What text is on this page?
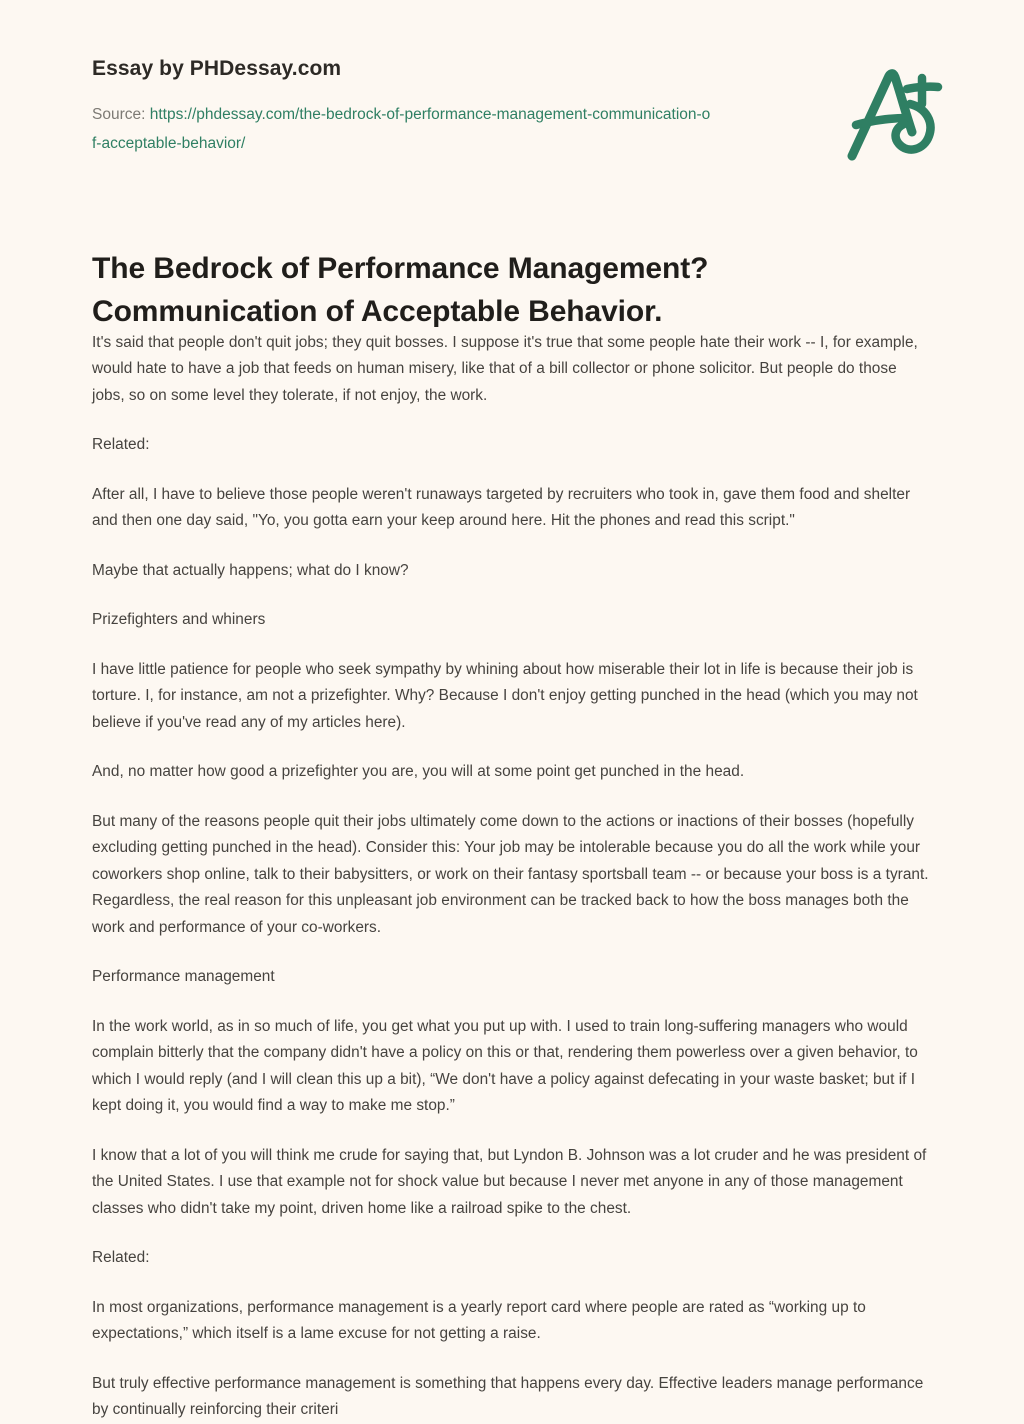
Essay by PHDessay.com
Source: https://phdessay.com/the-bedrock-of-performance-management-communication-of-acceptable-behavior/
The Bedrock of Performance Management? Communication of Acceptable Behavior.

It's said that people don't quit jobs; they quit bosses. I suppose it's true that some people hate their work -- I, for example, would hate to have a job that feeds on human misery, like that of a bill collector or phone solicitor. But people do those jobs, so on some level they tolerate, if not enjoy, the work.

Related:

After all, I have to believe those people weren't runaways targeted by recruiters who took in, gave them food and shelter and then one day said, "Yo, you gotta earn your keep around here. Hit the phones and read this script."

Maybe that actually happens; what do I know?

Prizefighters and whiners

I have little patience for people who seek sympathy by whining about how miserable their lot in life is because their job is torture. I, for instance, am not a prizefighter. Why? Because I don't enjoy getting punched in the head (which you may not believe if you've read any of my articles here).

And, no matter how good a prizefighter you are, you will at some point get punched in the head.

But many of the reasons people quit their jobs ultimately come down to the actions or inactions of their bosses (hopefully excluding getting punched in the head). Consider this: Your job may be intolerable because you do all the work while your coworkers shop online, talk to their babysitters, or work on their fantasy sportsball team -- or because your boss is a tyrant. Regardless, the real reason for this unpleasant job environment can be tracked back to how the boss manages both the work and performance of your co-workers.

Performance management

In the work world, as in so much of life, you get what you put up with. I used to train long-suffering managers who would complain bitterly that the company didn't have a policy on this or that, rendering them powerless over a given behavior, to which I would reply (and I will clean this up a bit), “We don't have a policy against defecating in your waste basket; but if I kept doing it, you would find a way to make me stop.”

I know that a lot of you will think me crude for saying that, but Lyndon B. Johnson was a lot cruder and he was president of the United States. I use that example not for shock value but because I never met anyone in any of those management classes who didn't take my point, driven home like a railroad spike to the chest.

Related:

In most organizations, performance management is a yearly report card where people are rated as “working up to expectations,” which itself is a lame excuse for not getting a raise.

But truly effective performance management is something that happens every day. Effective leaders manage performance by continually reinforcing their criteri
